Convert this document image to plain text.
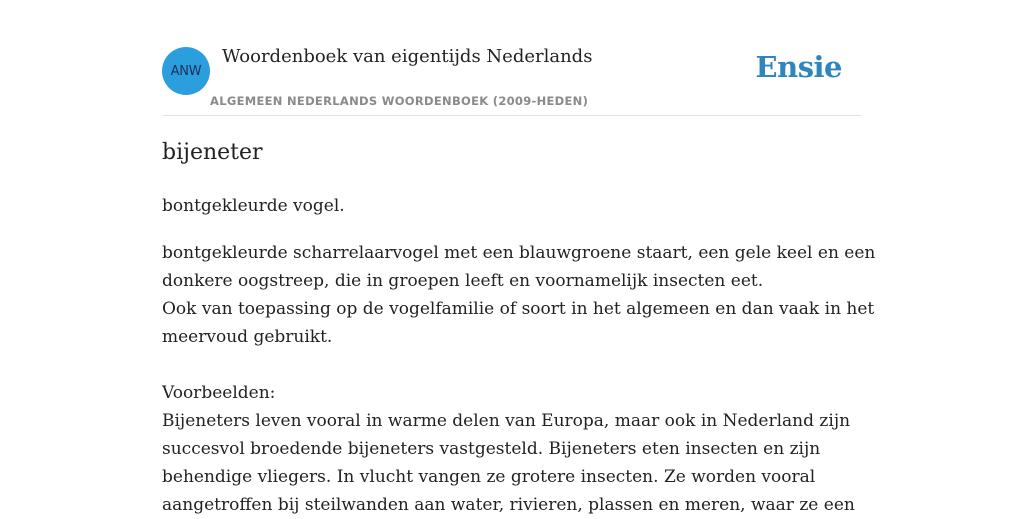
ANW
Woordenboek van eigentijds Nederlands
ALGEMEEN NEDERLANDS WOORDENBOEK (2009-HEDEN)
Ensie
bijeneter
bontgekleurde vogel.
bontgekleurde scharrelaarvogel met een blauwgroene staart, een gele keel en een
donkere oogstreep, die in groepen leeft en voornamelijk insecten eet.
Ook van toepassing op de vogelfamilie of soort in het algemeen en dan vaak in het
meervoud gebruikt.
Voorbeelden:
Bijeneters leven vooral in warme delen van Europa, maar ook in Nederland zijn
succesvol broedende bijeneters vastgesteld. Bijeneters eten insecten en zijn
behendige vliegers. In vlucht vangen ze grotere insecten. Ze worden vooral
aangetroffen bij steilwanden aan water, rivieren, plassen en meren, waar ze een
